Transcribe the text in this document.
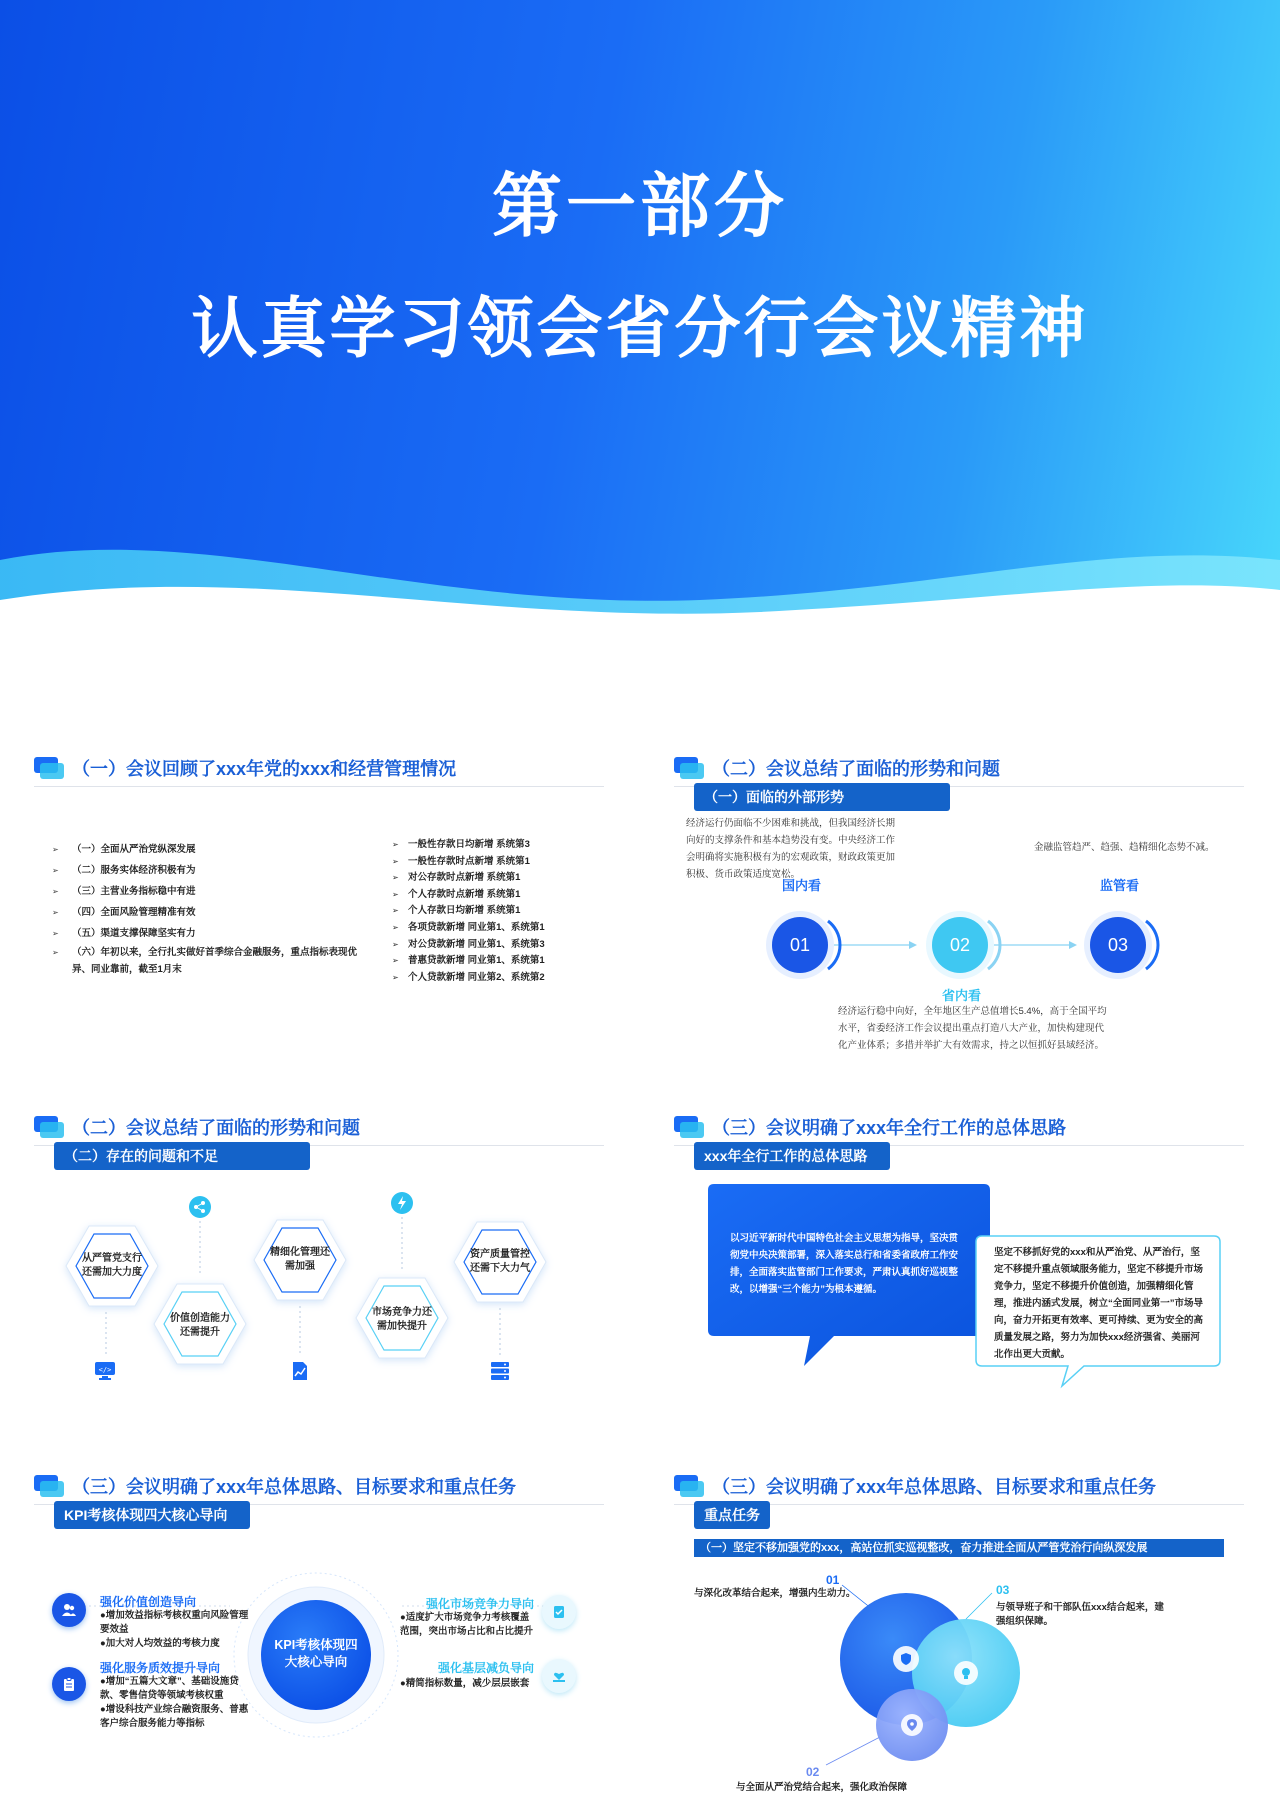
第一部分
认真学习领会省分行会议精神
（一）会议回顾了xxx年党的xxx和经营管理情况
➢ （一）全面从严治党纵深发展
➢ （二）服务实体经济积极有为
➢ （三）主营业务指标稳中有进
➢ （四）全面风险管理精准有效
➢ （五）渠道支撑保障坚实有力
➢ （六）年初以来，全行扎实做好首季综合金融服务，重点指标表现优异、同业靠前，截至1月末
➢ 一般性存款日均新增 系统第3
➢ 一般性存款时点新增 系统第1
➢ 对公存款时点新增 系统第1
➢ 个人存款时点新增 系统第1
➢ 个人存款日均新增 系统第1
➢ 各项贷款新增 同业第1、系统第1
➢ 对公贷款新增 同业第1、系统第3
➢ 普惠贷款新增 同业第1、系统第1
➢ 个人贷款新增 同业第2、系统第2
（二）会议总结了面临的形势和问题
（一）面临的外部形势
经济运行仍面临不少困难和挑战，但我国经济长期向好的支撑条件和基本趋势没有变。中央经济工作会明确将实施积极有为的宏观政策，财政政策更加积极、货币政策适度宽松。
金融监管趋严、趋强、趋精细化态势不减。
国内看	监管看
01	02	03
省内看
经济运行稳中向好，全年地区生产总值增长5.4%，高于全国平均水平，省委经济工作会议提出重点打造八大产业，加快构建现代化产业体系；多措并举扩大有效需求，持之以恒抓好县域经济。
（二）会议总结了面临的形势和问题
（二）存在的问题和不足
从严管党支行还需加大力度
价值创造能力还需提升
精细化管理还需加强
市场竞争力还需加快提升
资产质量管控还需下大力气
</>
（三）会议明确了xxx年全行工作的总体思路
xxx年全行工作的总体思路
以习近平新时代中国特色社会主义思想为指导，坚决贯彻党中央决策部署，深入落实总行和省委省政府工作安排，全面落实监管部门工作要求，严肃认真抓好巡视整改，以增强“三个能力”为根本遵循。
坚定不移抓好党的xxx和从严治党、从严治行，坚定不移提升重点领域服务能力，坚定不移提升市场竞争力，坚定不移提升价值创造，加强精细化管理，推进内涵式发展，树立“全面同业第一”市场导向，奋力开拓更有效率、更可持续、更为安全的高质量发展之路，努力为加快xxx经济强省、美丽河北作出更大贡献。
（三）会议明确了xxx年总体思路、目标要求和重点任务
KPI考核体现四大核心导向
KPI考核体现四大核心导向
强化价值创造导向
●增加效益指标考核权重向风险管理要效益
●加大对人均效益的考核力度
强化服务质效提升导向
●增加“五篇大文章”、基础设施贷款、零售信贷等领域考核权重
●增设科技产业综合融资服务、普惠客户综合服务能力等指标
强化市场竞争力导向
●适度扩大市场竞争力考核覆盖范围，突出市场占比和占比提升
强化基层减负导向
●精简指标数量，减少层层嵌套
（三）会议明确了xxx年总体思路、目标要求和重点任务
重点任务
（一）坚定不移加强党的xxx，高站位抓实巡视整改，奋力推进全面从严管党治行向纵深发展
01
03
02
与深化改革结合起来，增强内生动力。
与领导班子和干部队伍xxx结合起来，建强组织保障。
与全面从严治党结合起来，强化政治保障
